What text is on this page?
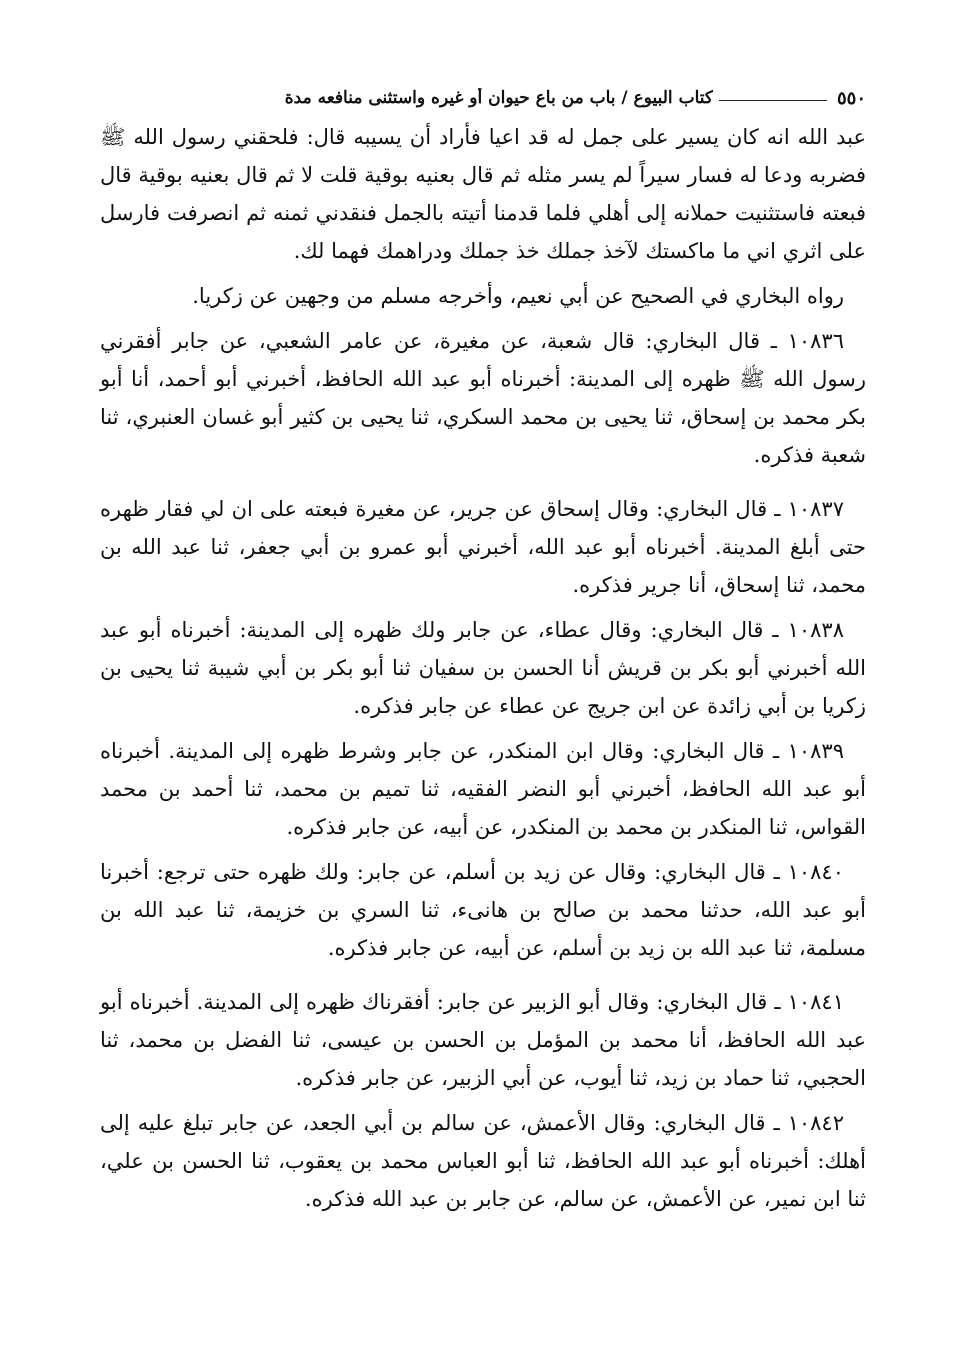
٥٥٠
كتاب البيوع / باب من باع حيوان أو غيره واستثنى منافعه مدة

عبد الله انه كان يسير على جمل له قد اعيا فأراد أن يسيبه قال: فلحقني رسول الله ﷺ فضربه ودعا له فسار سيراً لم يسر مثله ثم قال بعنيه بوقية قلت لا ثم قال بعنيه بوقية قال فبعته فاستثنيت حملانه إلى أهلي فلما قدمنا أتيته بالجمل فنقدني ثمنه ثم انصرفت فارسل على اثري اني ما ماكستك لآخذ جملك خذ جملك ودراهمك فهما لك.

رواه البخاري في الصحيح عن أبي نعيم، وأخرجه مسلم من وجهين عن زكريا.

١٠٨٣٦ ـ قال البخاري: قال شعبة، عن مغيرة، عن عامر الشعبي، عن جابر أفقرني رسول الله ﷺ ظهره إلى المدينة: أخبرناه أبو عبد الله الحافظ، أخبرني أبو أحمد، أنا أبو بكر محمد بن إسحاق، ثنا يحيى بن محمد السكري، ثنا يحيى بن كثير أبو غسان العنبري، ثنا شعبة فذكره.

١٠٨٣٧ ـ قال البخاري: وقال إسحاق عن جرير، عن مغيرة فبعته على ان لي فقار ظهره حتى أبلغ المدينة. أخبرناه أبو عبد الله، أخبرني أبو عمرو بن أبي جعفر، ثنا عبد الله بن محمد، ثنا إسحاق، أنا جرير فذكره.

١٠٨٣٨ ـ قال البخاري: وقال عطاء، عن جابر ولك ظهره إلى المدينة: أخبرناه أبو عبد الله أخبرني أبو بكر بن قريش أنا الحسن بن سفيان ثنا أبو بكر بن أبي شيبة ثنا يحيى بن زكريا بن أبي زائدة عن ابن جريج عن عطاء عن جابر فذكره.

١٠٨٣٩ ـ قال البخاري: وقال ابن المنكدر، عن جابر وشرط ظهره إلى المدينة. أخبرناه أبو عبد الله الحافظ، أخبرني أبو النضر الفقيه، ثنا تميم بن محمد، ثنا أحمد بن محمد القواس، ثنا المنكدر بن محمد بن المنكدر، عن أبيه، عن جابر فذكره.

١٠٨٤٠ ـ قال البخاري: وقال عن زيد بن أسلم، عن جابر: ولك ظهره حتى ترجع: أخبرنا أبو عبد الله، حدثنا محمد بن صالح بن هانىء، ثنا السري بن خزيمة، ثنا عبد الله بن مسلمة، ثنا عبد الله بن زيد بن أسلم، عن أبيه، عن جابر فذكره.

١٠٨٤١ ـ قال البخاري: وقال أبو الزبير عن جابر: أفقرناك ظهره إلى المدينة. أخبرناه أبو عبد الله الحافظ، أنا محمد بن المؤمل بن الحسن بن عيسى، ثنا الفضل بن محمد، ثنا الحجبي، ثنا حماد بن زيد، ثنا أيوب، عن أبي الزبير، عن جابر فذكره.

١٠٨٤٢ ـ قال البخاري: وقال الأعمش، عن سالم بن أبي الجعد، عن جابر تبلغ عليه إلى أهلك: أخبرناه أبو عبد الله الحافظ، ثنا أبو العباس محمد بن يعقوب، ثنا الحسن بن علي، ثنا ابن نمير، عن الأعمش، عن سالم، عن جابر بن عبد الله فذكره.
